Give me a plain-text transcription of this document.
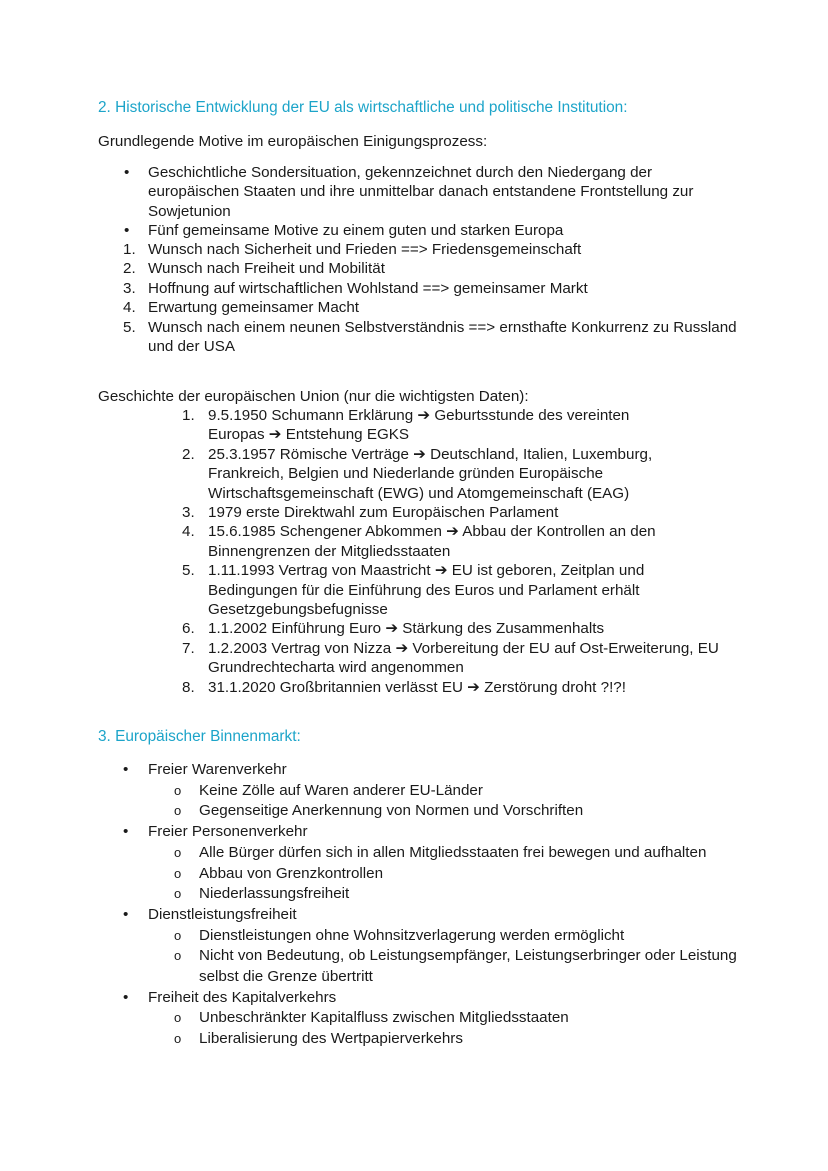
2. Historische Entwicklung der EU als wirtschaftliche und politische Institution:
Grundlegende Motive im europäischen Einigungsprozess:
• Geschichtliche Sondersituation, gekennzeichnet durch den Niedergang der europäischen Staaten und ihre unmittelbar danach entstandene Frontstellung zur Sowjetunion
• Fünf gemeinsame Motive zu einem guten und starken Europa
1. Wunsch nach Sicherheit und Frieden ==> Friedensgemeinschaft
2. Wunsch nach Freiheit und Mobilität
3. Hoffnung auf wirtschaftlichen Wohlstand ==> gemeinsamer Markt
4. Erwartung gemeinsamer Macht
5. Wunsch nach einem neunen Selbstverständnis ==> ernsthafte Konkurrenz zu Russland und der USA
Geschichte der europäischen Union (nur die wichtigsten Daten):
1. 9.5.1950 Schumann Erklärung ➔ Geburtsstunde des vereinten
Europas ➔ Entstehung EGKS
2. 25.3.1957 Römische Verträge ➔ Deutschland, Italien, Luxemburg, Frankreich, Belgien und Niederlande gründen Europäische Wirtschaftsgemeinschaft (EWG) und Atomgemeinschaft (EAG)
3. 1979 erste Direktwahl zum Europäischen Parlament
4. 15.6.1985 Schengener Abkommen ➔ Abbau der Kontrollen an den Binnengrenzen der Mitgliedsstaaten
5. 1.11.1993 Vertrag von Maastricht ➔ EU ist geboren, Zeitplan und Bedingungen für die Einführung des Euros und Parlament erhält Gesetzgebungsbefugnisse
6. 1.1.2002 Einführung Euro ➔ Stärkung des Zusammenhalts
7. 1.2.2003 Vertrag von Nizza ➔ Vorbereitung der EU auf Ost-Erweiterung, EU Grundrechtecharta wird angenommen
8. 31.1.2020 Großbritannien verlässt EU ➔ Zerstörung droht ?!?!
3. Europäischer Binnenmarkt:
• Freier Warenverkehr
o Keine Zölle auf Waren anderer EU-Länder
o Gegenseitige Anerkennung von Normen und Vorschriften
• Freier Personenverkehr
o Alle Bürger dürfen sich in allen Mitgliedsstaaten frei bewegen und aufhalten
o Abbau von Grenzkontrollen
o Niederlassungsfreiheit
• Dienstleistungsfreiheit
o Dienstleistungen ohne Wohnsitzverlagerung werden ermöglicht
o Nicht von Bedeutung, ob Leistungsempfänger, Leistungserbringer oder Leistung selbst die Grenze übertritt
• Freiheit des Kapitalverkehrs
o Unbeschränkter Kapitalfluss zwischen Mitgliedsstaaten
o Liberalisierung des Wertpapierverkehrs
